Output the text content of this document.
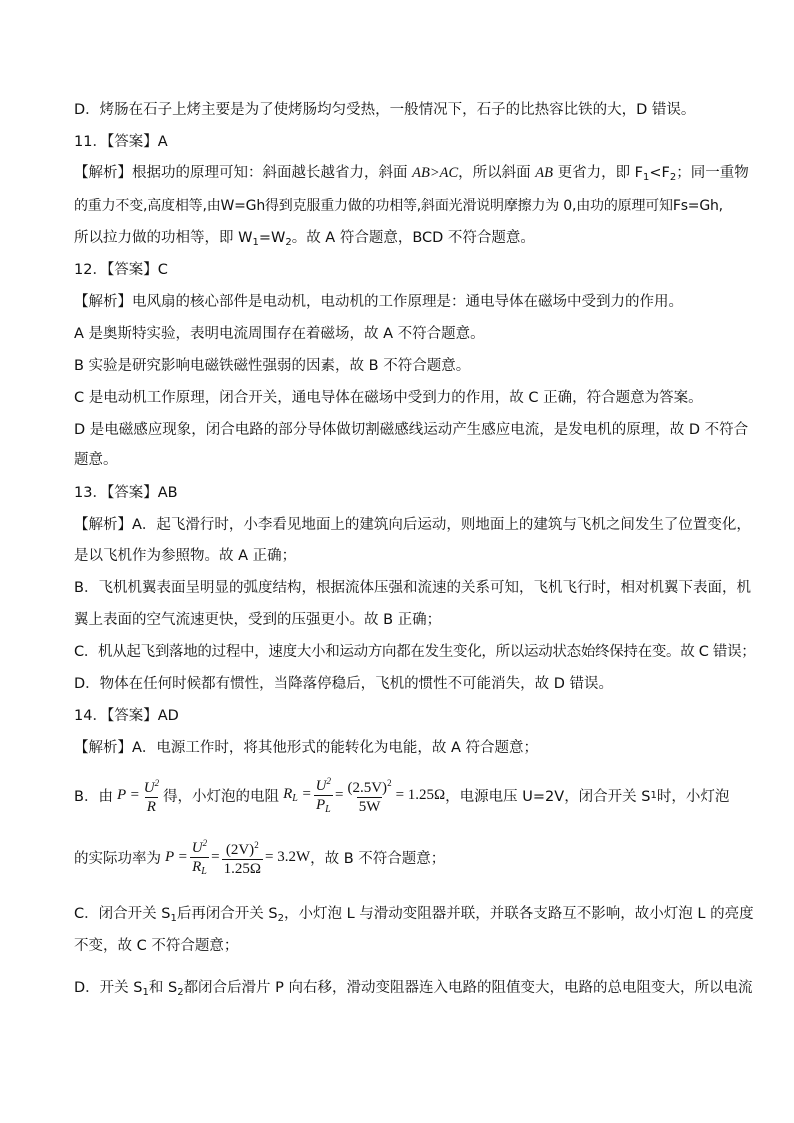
D．烤肠在石子上烤主要是为了使烤肠均匀受热，一般情况下，石子的比热容比铁的大，D 错误。
11．【答案】A
【解析】根据功的原理可知：斜面越长越省力，斜面 AB>AC，所以斜面 AB 更省力，即 $F_1<F_2$；同一重物
的重力不变,高度相等,由W=Gh得到克服重力做的功相等,斜面光滑说明摩擦力为 0,由功的原理可知Fs=Gh,
所以拉力做的功相等，即 $W_1=W_2$。故 A 符合题意，BCD 不符合题意。
12．【答案】C
【解析】电风扇的核心部件是电动机，电动机的工作原理是：通电导体在磁场中受到力的作用。
A 是奥斯特实验，表明电流周围存在着磁场，故 A 不符合题意。
B 实验是研究影响电磁铁磁性强弱的因素，故 B 不符合题意。
C 是电动机工作原理，闭合开关，通电导体在磁场中受到力的作用，故 C 正确，符合题意为答案。
D 是电磁感应现象，闭合电路的部分导体做切割磁感线运动产生感应电流，是发电机的原理，故 D 不符合
题意。
13．【答案】AB
【解析】A．起飞滑行时，小李看见地面上的建筑向后运动，则地面上的建筑与飞机之间发生了位置变化，
是以飞机作为参照物。故 A 正确；
B．飞机机翼表面呈明显的弧度结构，根据流体压强和流速的关系可知，飞机飞行时，相对机翼下表面，机
翼上表面的空气流速更快，受到的压强更小。故 B 正确；
C．机从起飞到落地的过程中，速度大小和运动方向都在发生变化，所以运动状态始终保持在变。故 C 错误；
D．物体在任何时候都有惯性，当降落停稳后，飞机的惯性不可能消失，故 D 错误。
14．【答案】AD
【解析】A．电源工作时，将其他形式的能转化为电能，故 A 符合题意；
B．由 $P = \frac{U^2}{R}$ 得，小灯泡的电阻 $R_L = \frac{U^2}{P_L} = \frac{(2.5V)^2}{5W} = 1.25\Omega$ ，电源电压 U=2V，闭合开关 S 1 时，小灯泡
的实际功率为 $P = \frac{U^2}{R_L} = \frac{(2V)^2}{1.25\Omega} = 3.2W$ ，故 B 不符合题意；
C．闭合开关 $S_1$后再闭合开关 $S_2$，小灯泡 L 与滑动变阻器并联，并联各支路互不影响，故小灯泡 L 的亮度
不变，故 C 不符合题意；
D．开关 $S_1$和 $S_2$都闭合后滑片 P 向右移，滑动变阻器连入电路的阻值变大，电路的总电阻变大，所以电流
